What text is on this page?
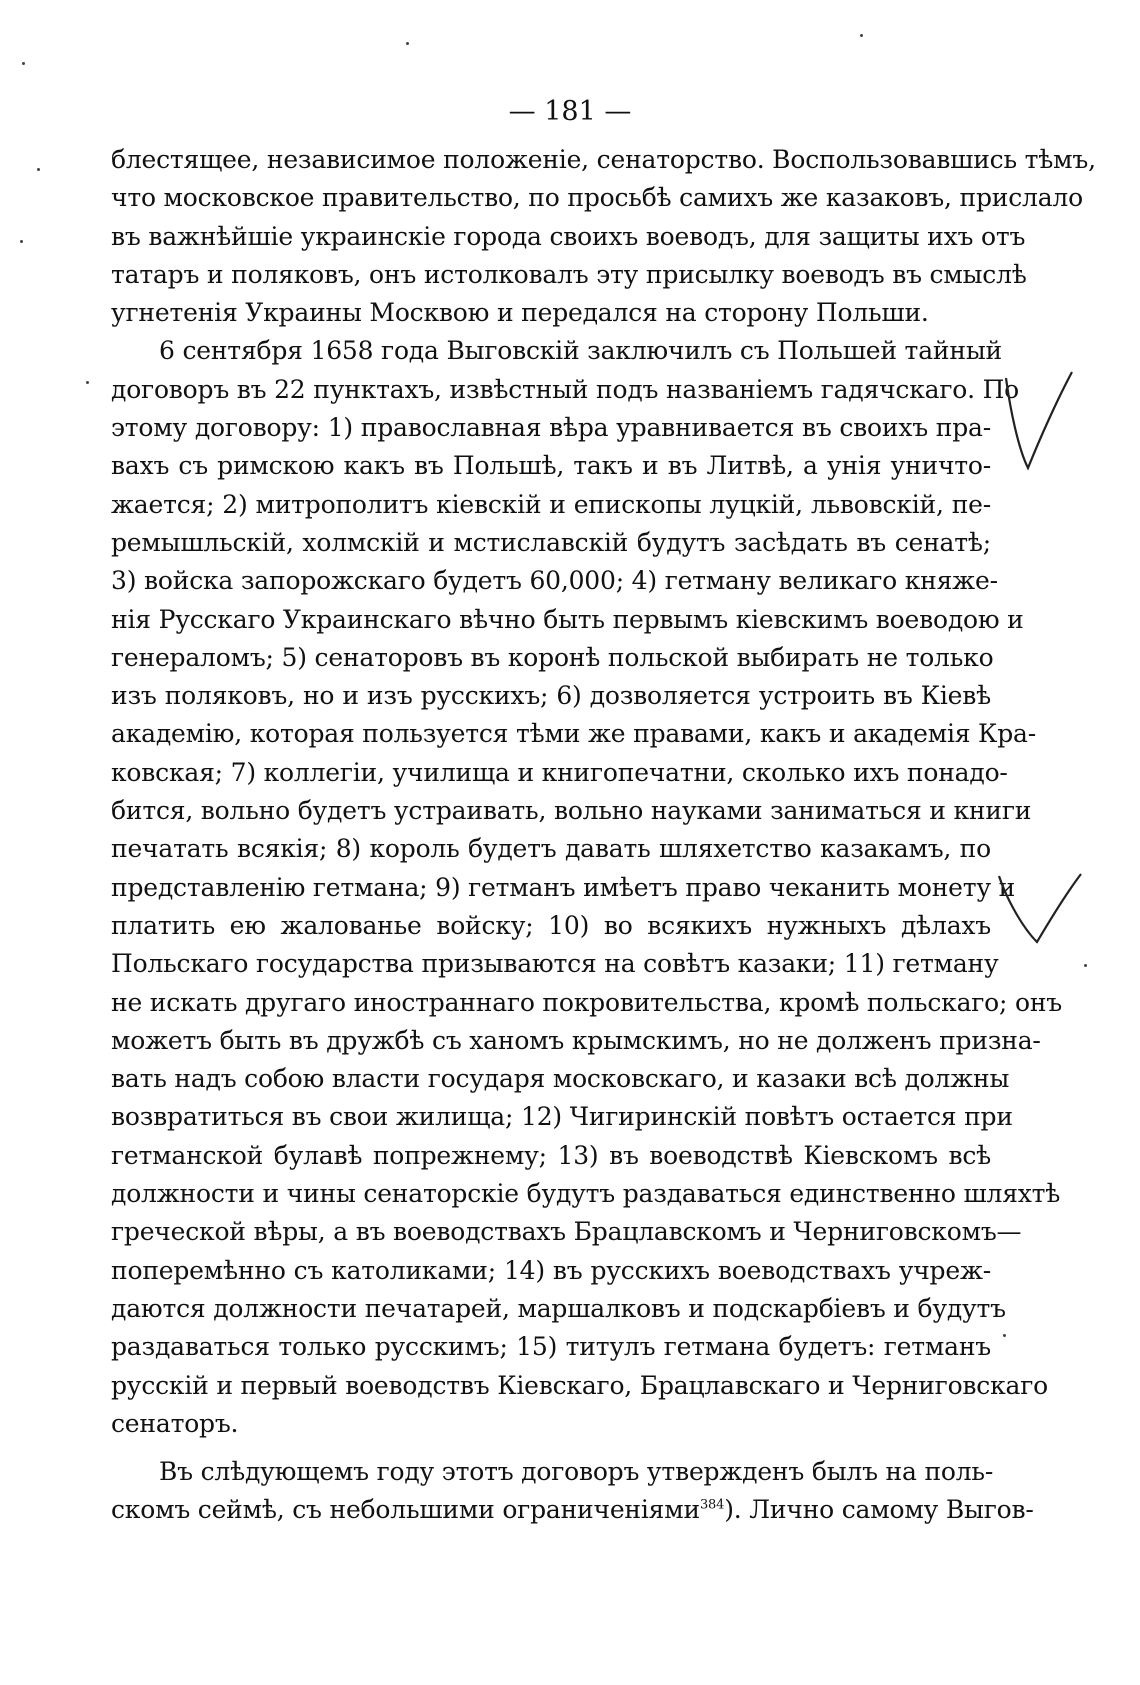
— 181 —
блестящее, независимое положеніе, сенаторство. Воспользовавшись тѣмъ,
что московское правительство, по просьбѣ самихъ же казаковъ, прислало
въ важнѣйшіе украинскіе города своихъ воеводъ, для защиты ихъ отъ
татаръ и поляковъ, онъ истолковалъ эту присылку воеводъ въ смыслѣ
угнетенія Украины Москвою и передался на сторону Польши.
6 сентября 1658 года Выговскій заключилъ съ Польшей тайный
договоръ въ 22 пунктахъ, извѣстный подъ названіемъ гадячскаго. По
этому договору: 1) православная вѣра уравнивается въ своихъ пра-
вахъ съ римскою какъ въ Польшѣ, такъ и въ Литвѣ, а унія уничто-
жается; 2) митрополитъ кіевскій и епископы луцкій, львовскій, пе-
ремышльскій, холмскій и мстиславскій будутъ засѣдать въ сенатѣ;
3) войска запорожскаго будетъ 60,000; 4) гетману великаго княже-
нія Русскаго Украинскаго вѣчно быть первымъ кіевскимъ воеводою и
генераломъ; 5) сенаторовъ въ коронѣ польской выбирать не только
изъ поляковъ, но и изъ русскихъ; 6) дозволяется устроить въ Кіевѣ
академію, которая пользуется тѣми же правами, какъ и академія Кра-
ковская; 7) коллегіи, училища и книгопечатни, сколько ихъ понадо-
бится, вольно будетъ устраивать, вольно науками заниматься и книги
печатать всякія; 8) король будетъ давать шляхетство казакамъ, по
представленію гетмана; 9) гетманъ имѣетъ право чеканить монету и
платить ею жалованье войску; 10) во всякихъ нужныхъ дѣлахъ
Польскаго государства призываются на совѣтъ казаки; 11) гетману
не искать другаго иностраннаго покровительства, кромѣ польскаго; онъ
можетъ быть въ дружбѣ съ ханомъ крымскимъ, но не долженъ призна-
вать надъ собою власти государя московскаго, и казаки всѣ должны
возвратиться въ свои жилища; 12) Чигиринскій повѣтъ остается при
гетманской булавѣ попрежнему; 13) въ воеводствѣ Кіевскомъ всѣ
должности и чины сенаторскіе будутъ раздаваться единственно шляхтѣ
греческой вѣры, а въ воеводствахъ Брацлавскомъ и Черниговскомъ—
поперемѣнно съ католиками; 14) въ русскихъ воеводствахъ учреж-
даются должности печатарей, маршалковъ и подскарбіевъ и будутъ
раздаваться только русскимъ; 15) титулъ гетмана будетъ: гетманъ
русскій и первый воеводствъ Кіевскаго, Брацлавскаго и Черниговскаго
сенаторъ.
Въ слѣдующемъ году этотъ договоръ утвержденъ былъ на поль-
скомъ сеймѣ, съ небольшими ограниченіями$^{384}$). Лично самому Выгов-
